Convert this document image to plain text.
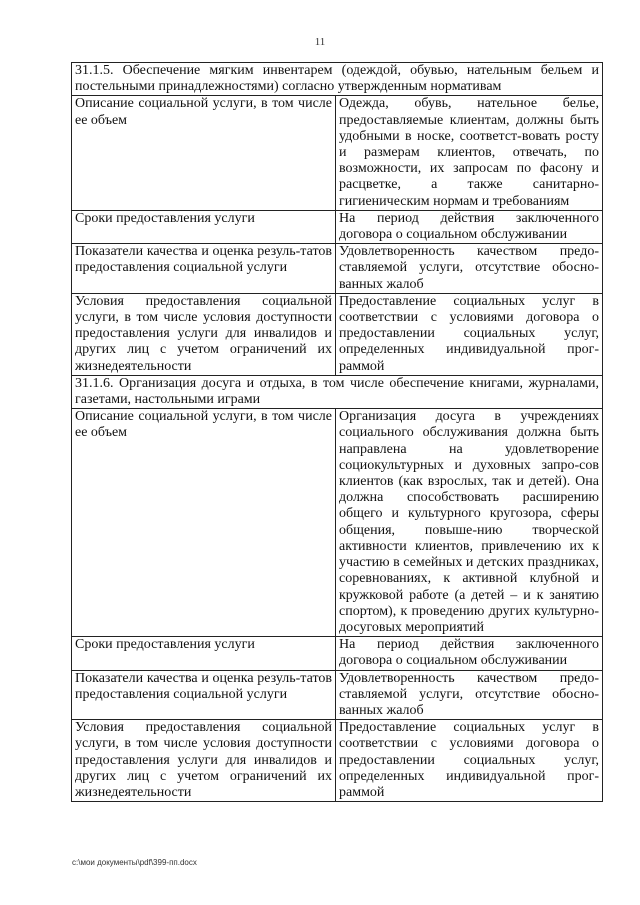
11
31.1.5. Обеспечение мягким инвентарем (одеждой, обувью, нательным бельем и постельными принадлежностями) согласно утвержденным нормативам	
Описание социальной услуги, в том числе ее объем	Одежда, обувь, нательное белье, предоставляемые клиентам, должны быть удобными в носке, соответст-вовать росту и размерам клиентов, отвечать, по возможности, их запросам по фасону и расцветке, а также санитарно-гигиеническим нормам и требованиям
Сроки предоставления услуги	На период действия заключенного договора о социальном обслуживании
Показатели качества и оценка резуль-татов предоставления социальной услуги	Удовлетворенность качеством предо-ставляемой услуги, отсутствие обосно-ванных жалоб
Условия предоставления социальной услуги, в том числе условия доступности предоставления услуги для инвалидов и других лиц с учетом ограничений их жизнедеятельности	Предоставление социальных услуг в соответствии с условиями договора о предоставлении социальных услуг, определенных индивидуальной прог-раммой
31.1.6. Организация досуга и отдыха, в том числе обеспечение книгами, журналами, газетами, настольными играми	
Описание социальной услуги, в том числе ее объем	Организация досуга в учреждениях социального обслуживания должна быть направлена на удовлетворение социокультурных и духовных запро-сов клиентов (как взрослых, так и детей). Она должна способствовать расширению общего и культурного кругозора, сферы общения, повыше-нию творческой активности клиентов, привлечению их к участию в семейных и детских праздниках, соревнованиях, к активной клубной и кружковой работе (а детей – и к занятию спортом), к проведению других культурно-досуговых мероприятий
Сроки предоставления услуги	На период действия заключенного договора о социальном обслуживании
Показатели качества и оценка резуль-татов предоставления социальной услуги	Удовлетворенность качеством предо-ставляемой услуги, отсутствие обосно-ванных жалоб
Условия предоставления социальной услуги, в том числе условия доступности предоставления услуги для инвалидов и других лиц с учетом ограничений их жизнедеятельности	Предоставление социальных услуг в соответствии с условиями договора о предоставлении социальных услуг, определенных индивидуальной прог-раммой
c:\мои документы\pdf\399-пп.docx
